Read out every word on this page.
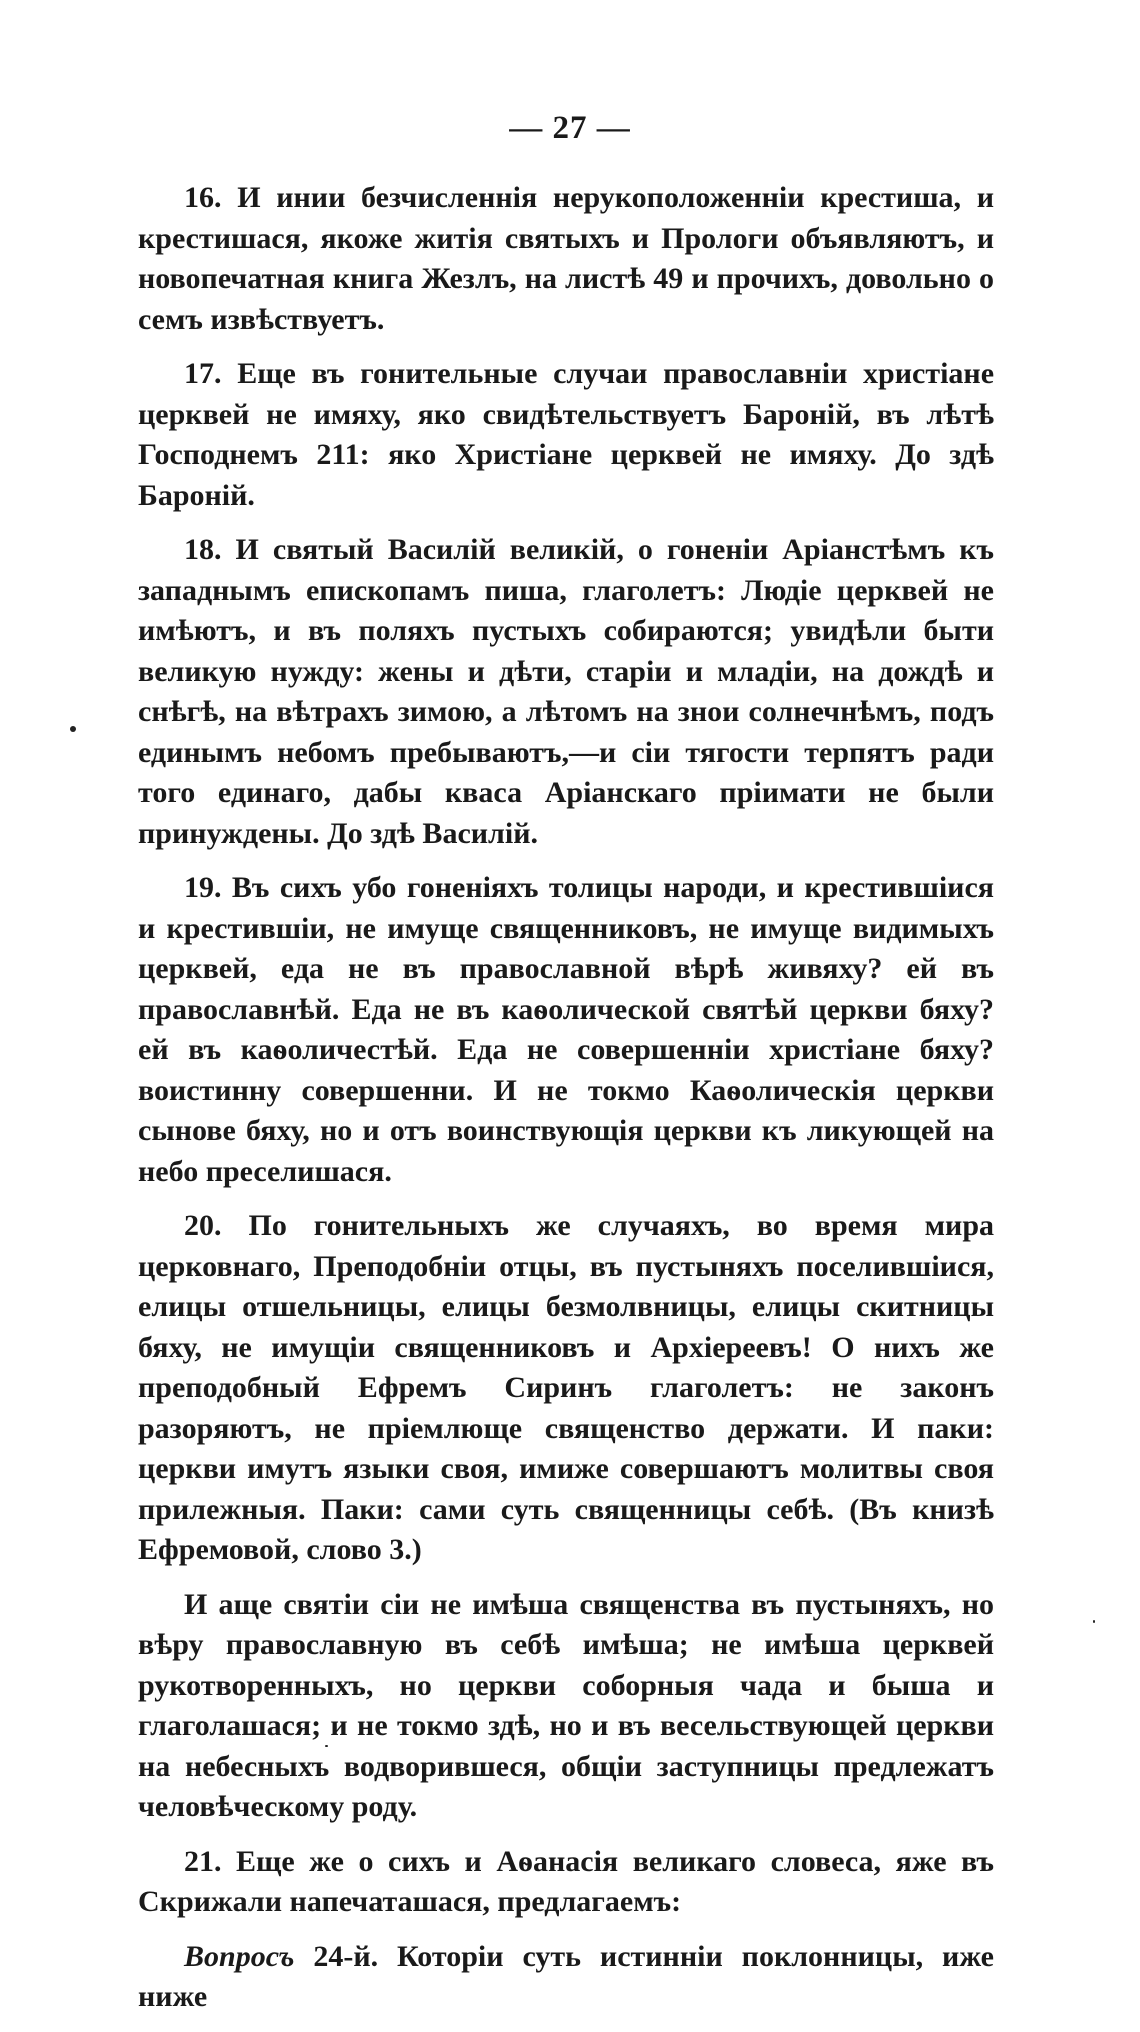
— 27 —

16. И инии безчисленнія нерукоположенніи крестиша, и крестишася, якоже житія святыхъ и Прологи объявляютъ, и новопечатная книга Жезлъ, на листѣ 49 и прочихъ, довольно о семъ извѣствуетъ.

17. Еще въ гонительные случаи православніи христіане церквей не имяху, яко свидѣтельствуетъ Бароній, въ лѣтѣ Господнемъ 211: яко Христіане церквей не имяху. До здѣ Бароній.

18. И святый Василій великій, о гоненіи Аріанстѣмъ къ западнымъ епископамъ пиша, глаголетъ: Людіе церквей не имѣютъ, и въ поляхъ пустыхъ собираются; увидѣли быти великую нужду: жены и дѣти, старіи и младіи, на дождѣ и снѣгѣ, на вѣтрахъ зимою, а лѣтомъ на знои солнечнѣмъ, подъ единымъ небомъ пребываютъ,—и сіи тягости терпятъ ради того единаго, дабы кваса Аріанскаго пріимати не были принуждены. До здѣ Василій.

19. Въ сихъ убо гоненіяхъ толицы народи, и крестившіися и крестившіи, не имуще священниковъ, не имуще видимыхъ церквей, еда не въ православной вѣрѣ живяху? ей въ православнѣй. Еда не въ каѳолической святѣй церкви бяху? ей въ каѳоличестѣй. Еда не совершенніи христіане бяху? воистинну совершенни. И не токмо Каѳолическія церкви сынове бяху, но и отъ воинствующія церкви къ ликующей на небо преселишася.

20. По гонительныхъ же случаяхъ, во время мира церковнаго, Преподобніи отцы, въ пустыняхъ поселившіися, елицы отшельницы, елицы безмолвницы, елицы скитницы бяху, не имущіи священниковъ и Архіереевъ! О нихъ же преподобный Ефремъ Сиринъ глаголетъ: не законъ разоряютъ, не пріемлюще священство держати. И паки: церкви имутъ языки своя, имиже совершаютъ молитвы своя прилежныя. Паки: сами суть священницы себѣ. (Въ книзѣ Ефремовой, слово 3.)

И аще святіи сіи не имѣша священства въ пустыняхъ, но вѣру православную въ себѣ имѣша; не имѣша церквей рукотворенныхъ, но церкви соборныя чада и быша и глаголашася; и не токмо здѣ, но и въ весельствующей церкви на небесныхъ водворившеся, общіи заступницы предлежатъ человѣческому роду.

21. Еще же о сихъ и Аѳанасія великаго словеса, яже въ Скрижали напечаташася, предлагаемъ:

Вопросъ 24-й. Которіи суть истинніи поклонницы, иже ниже
